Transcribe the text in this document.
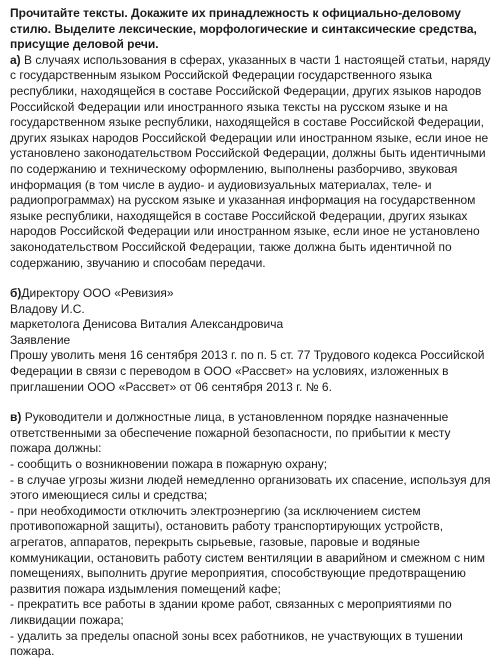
Прочитайте тексты. Докажите их принадлежность к официально-деловому стилю. Выделите лексические, морфологические и синтаксические средства, присущие деловой речи.

а) В случаях использования в сферах, указанных в части 1 настоящей статьи, наряду с государственным языком Российской Федерации государственного языка республики, находящейся в составе Российской Федерации, других языков народов Российской Федерации или иностранного языка тексты на русском языке и на государственном языке республики, находящейся в составе Российской Федерации, других языках народов Российской Федерации или иностранном языке, если иное не установлено законодательством Российской Федерации, должны быть идентичными по содержанию и техническому оформлению, выполнены разборчиво, звуковая информация (в том числе в аудио- и аудиовизуальных материалах, теле- и радиопрограммах) на русском языке и указанная информация на государственном языке республики, находящейся в составе Российской Федерации, других языках народов Российской Федерации или иностранном языке, если иное не установлено законодательством Российской Федерации, также должна быть идентичной по содержанию, звучанию и способам передачи.

б)Директору ООО «Ревизия»

Владову И.С.

маркетолога Денисова Виталия Александровича

Заявление

Прошу уволить меня 16 сентября 2013 г. по п. 5 ст. 77 Трудового кодекса Российской Федерации в связи с переводом в ООО «Рассвет» на условиях, изложенных в приглашении ООО «Рассвет» от 06 сентября 2013 г. № 6.

в) Руководители и должностные лица, в установленном порядке назначенные ответственными за обеспечение пожарной безопасности, по прибытии к месту пожара должны:

- сообщить о возникновении пожара в пожарную охрану;
- в случае угрозы жизни людей немедленно организовать их спасение, используя для этого имеющиеся силы и средства;
- при необходимости отключить электроэнергию (за исключением систем противопожарной защиты), остановить работу транспортирующих устройств, агрегатов, аппаратов, перекрыть сырьевые, газовые, паровые и водяные коммуникации, остановить работу систем вентиляции в аварийном и смежном с ним помещениях, выполнить другие мероприятия, способствующие предотвращению развития пожара издымления помещений кафе;
- прекратить все работы в здании кроме работ, связанных с мероприятиями по ликвидации пожара;
- удалить за пределы опасной зоны всех работников, не участвующих в тушении пожара.
